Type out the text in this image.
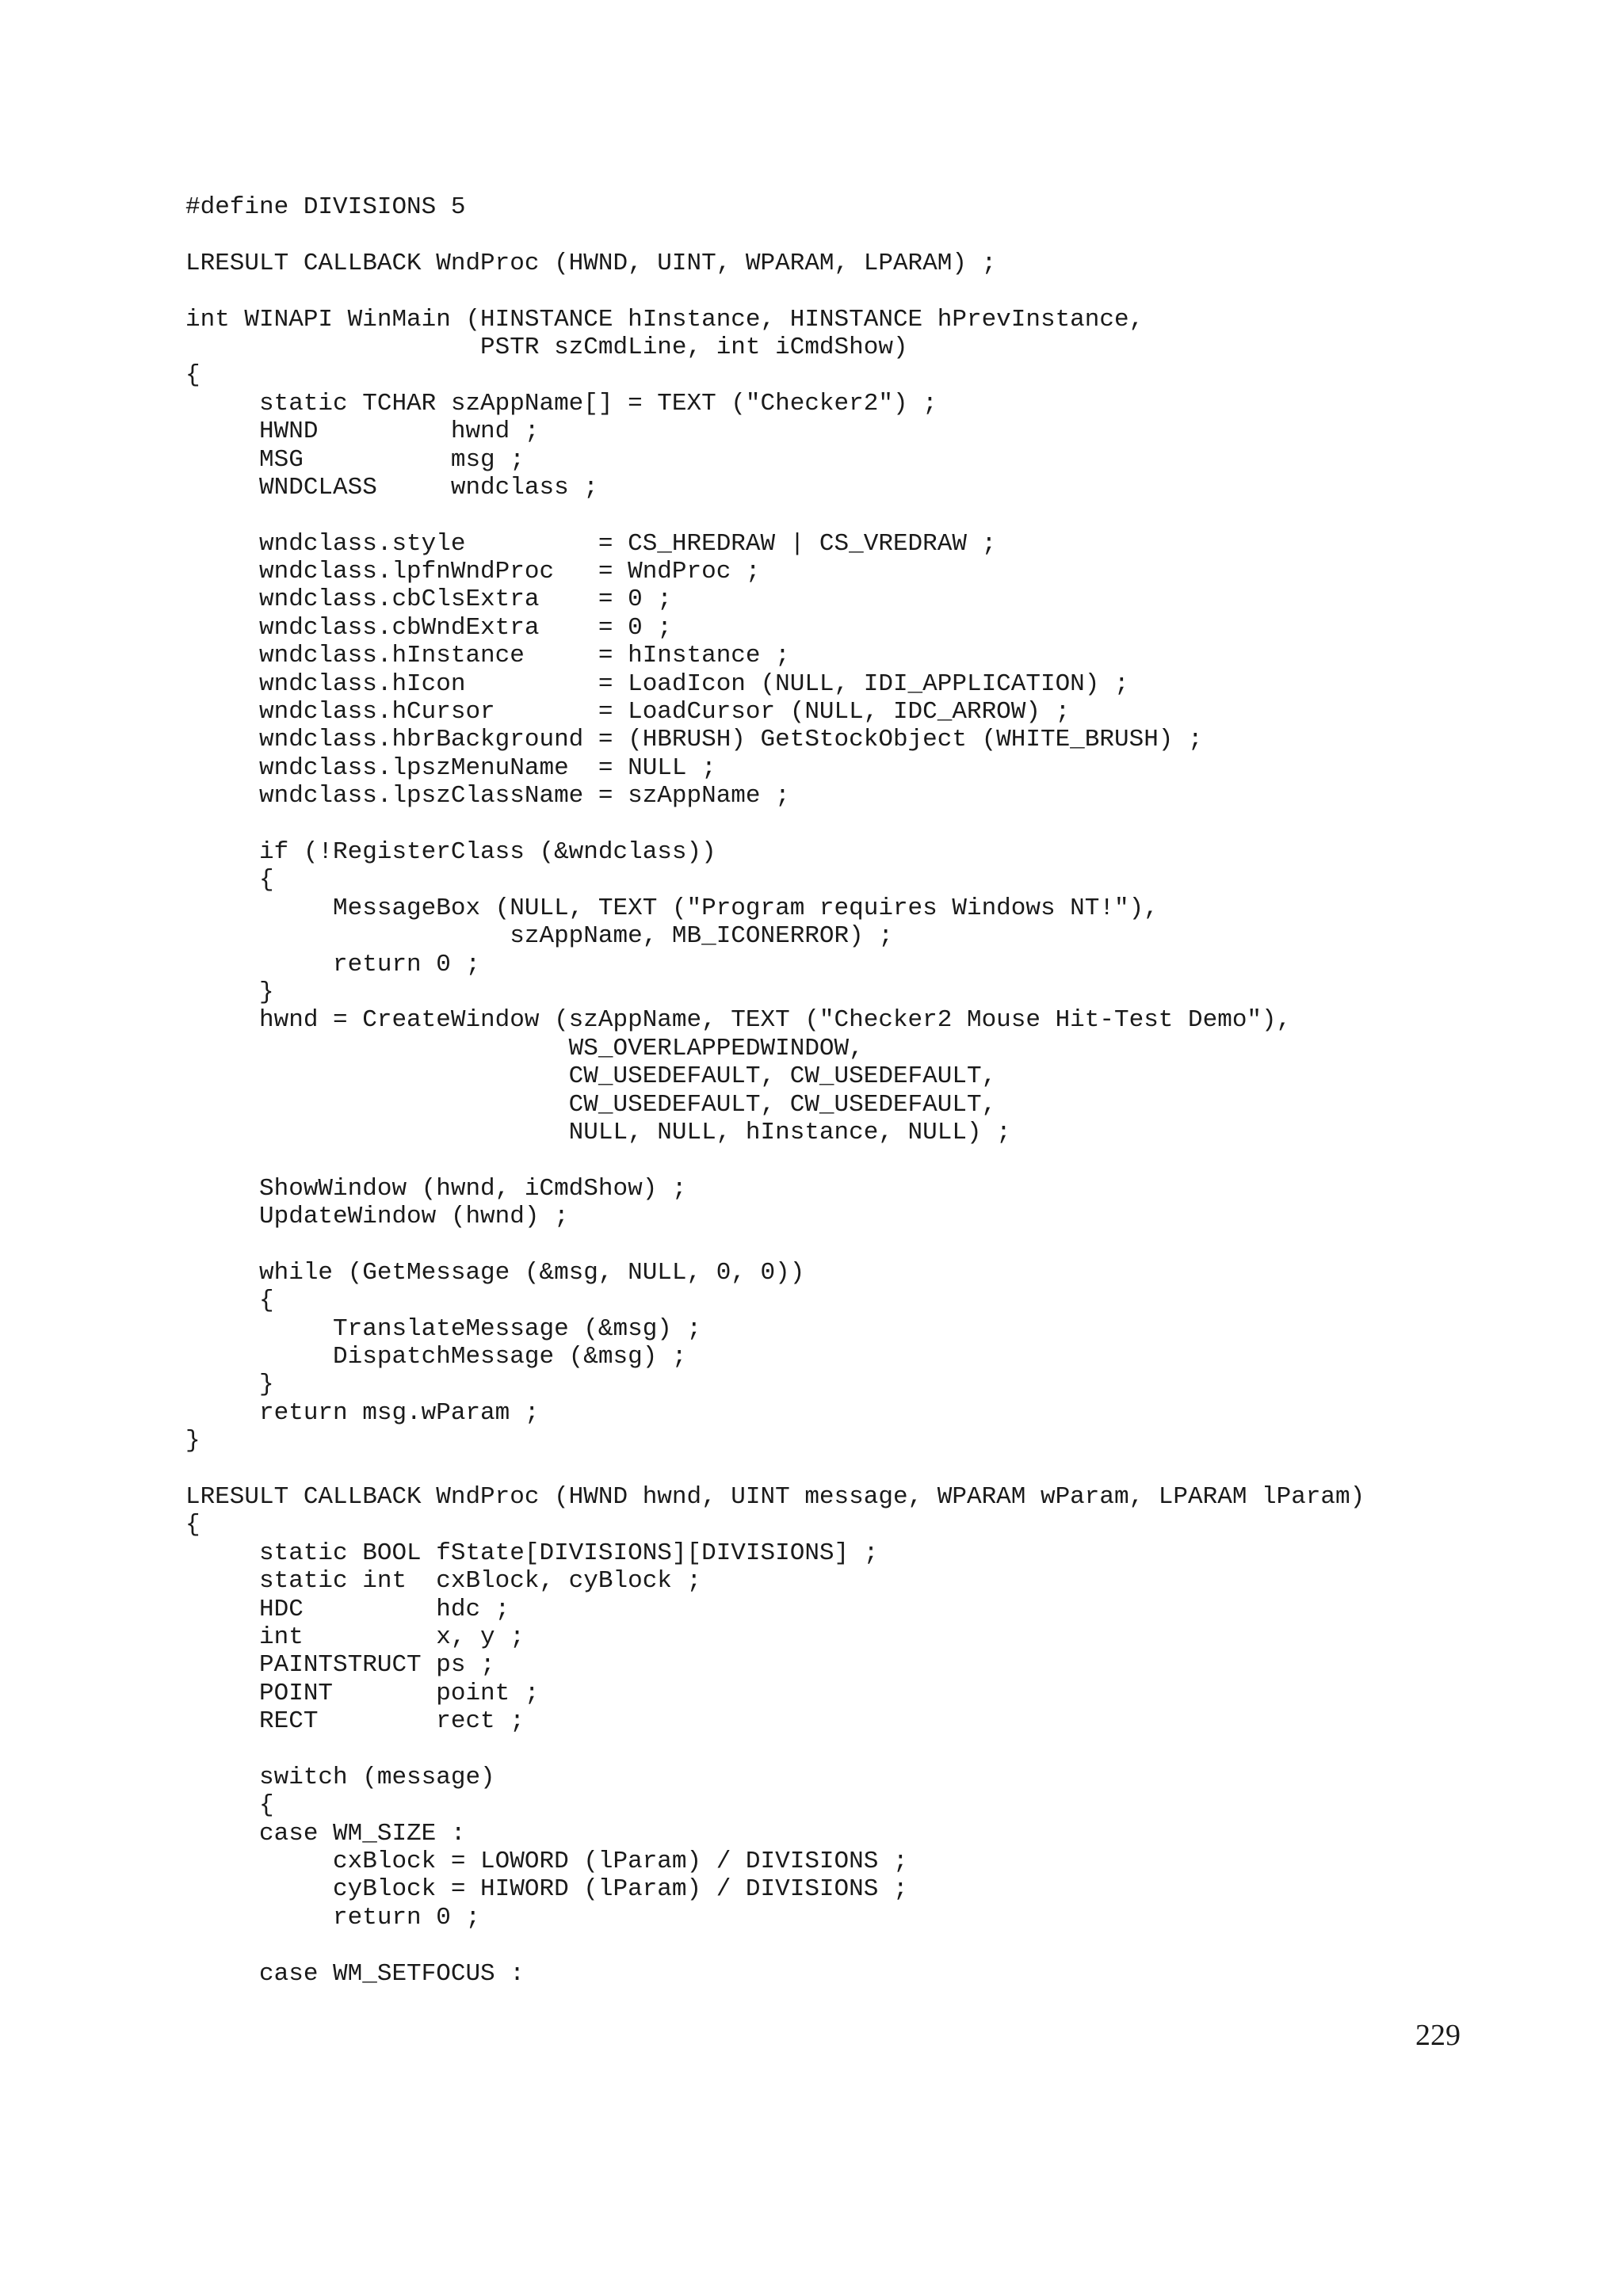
#define DIVISIONS 5
LRESULT CALLBACK WndProc (HWND, UINT, WPARAM, LPARAM) ;
int WINAPI WinMain (HINSTANCE hInstance, HINSTANCE hPrevInstance,
PSTR szCmdLine, int iCmdShow)
{
static TCHAR szAppName[] = TEXT ("Checker2") ;
HWND         hwnd ;
MSG          msg ;
WNDCLASS     wndclass ;
wndclass.style         = CS_HREDRAW | CS_VREDRAW ;
wndclass.lpfnWndProc   = WndProc ;
wndclass.cbClsExtra    = 0 ;
wndclass.cbWndExtra    = 0 ;
wndclass.hInstance     = hInstance ;
wndclass.hIcon         = LoadIcon (NULL, IDI_APPLICATION) ;
wndclass.hCursor       = LoadCursor (NULL, IDC_ARROW) ;
wndclass.hbrBackground = (HBRUSH) GetStockObject (WHITE_BRUSH) ;
wndclass.lpszMenuName  = NULL ;
wndclass.lpszClassName = szAppName ;
if (!RegisterClass (&wndclass))
{
MessageBox (NULL, TEXT ("Program requires Windows NT!"),
szAppName, MB_ICONERROR) ;
return 0 ;
}
hwnd = CreateWindow (szAppName, TEXT ("Checker2 Mouse Hit-Test Demo"),
WS_OVERLAPPEDWINDOW,
CW_USEDEFAULT, CW_USEDEFAULT,
CW_USEDEFAULT, CW_USEDEFAULT,
NULL, NULL, hInstance, NULL) ;
ShowWindow (hwnd, iCmdShow) ;
UpdateWindow (hwnd) ;
while (GetMessage (&msg, NULL, 0, 0))
{
TranslateMessage (&msg) ;
DispatchMessage (&msg) ;
}
return msg.wParam ;
}
LRESULT CALLBACK WndProc (HWND hwnd, UINT message, WPARAM wParam, LPARAM lParam)
{
static BOOL fState[DIVISIONS][DIVISIONS] ;
static int  cxBlock, cyBlock ;
HDC         hdc ;
int         x, y ;
PAINTSTRUCT ps ;
POINT       point ;
RECT        rect ;
switch (message)
{
case WM_SIZE :
cxBlock = LOWORD (lParam) / DIVISIONS ;
cyBlock = HIWORD (lParam) / DIVISIONS ;
return 0 ;
case WM_SETFOCUS :
229
